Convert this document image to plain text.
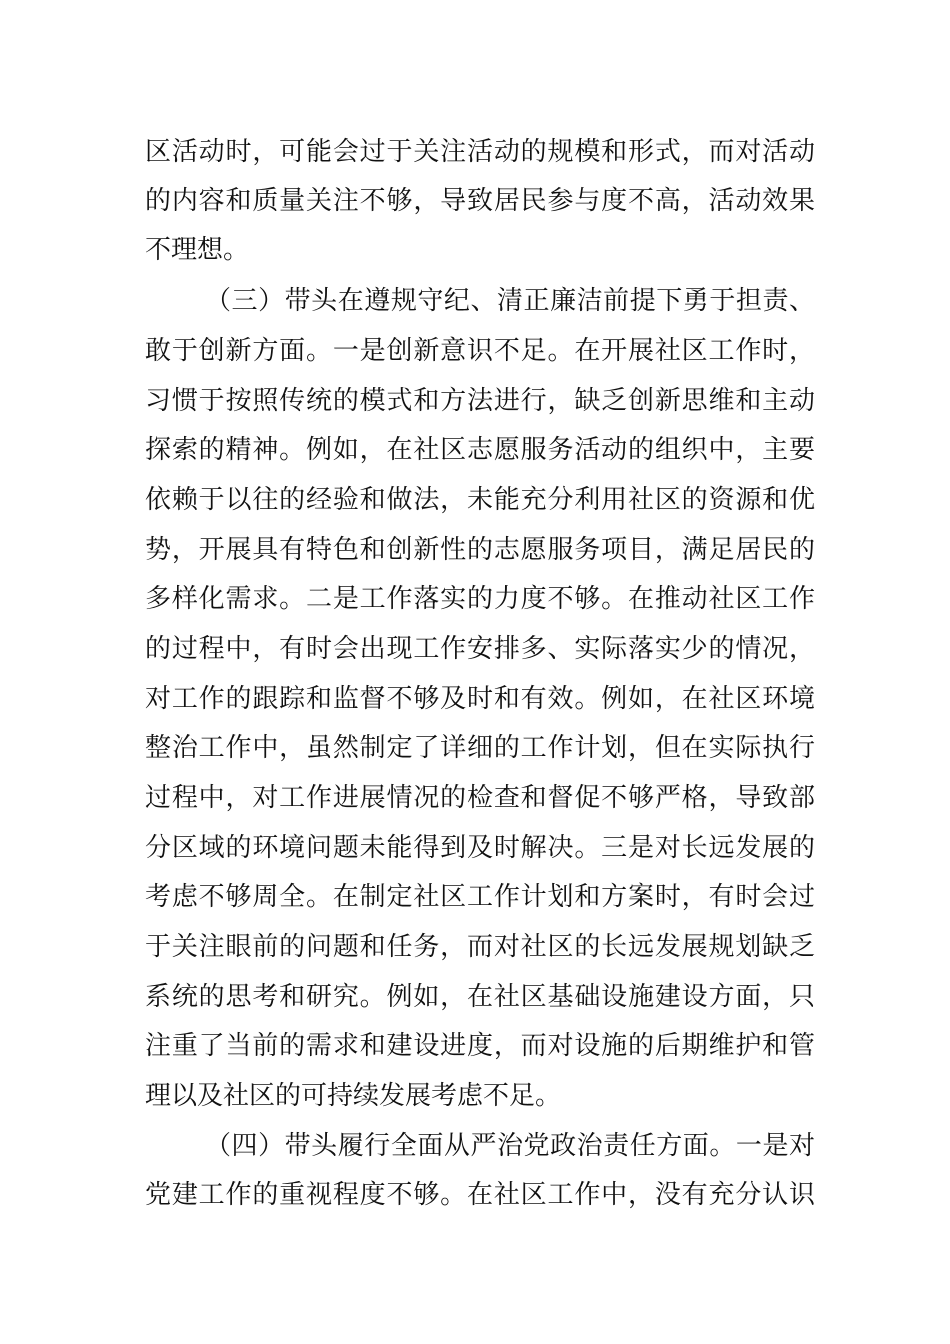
区活动时，可能会过于关注活动的规模和形式，而对活动
的内容和质量关注不够，导致居民参与度不高，活动效果
不理想。
（三）带头在遵规守纪、清正廉洁前提下勇于担责、
敢于创新方面。一是创新意识不足。在开展社区工作时，
习惯于按照传统的模式和方法进行，缺乏创新思维和主动
探索的精神。例如，在社区志愿服务活动的组织中，主要
依赖于以往的经验和做法，未能充分利用社区的资源和优
势，开展具有特色和创新性的志愿服务项目，满足居民的
多样化需求。二是工作落实的力度不够。在推动社区工作
的过程中，有时会出现工作安排多、实际落实少的情况，
对工作的跟踪和监督不够及时和有效。例如，在社区环境
整治工作中，虽然制定了详细的工作计划，但在实际执行
过程中，对工作进展情况的检查和督促不够严格，导致部
分区域的环境问题未能得到及时解决。三是对长远发展的
考虑不够周全。在制定社区工作计划和方案时，有时会过
于关注眼前的问题和任务，而对社区的长远发展规划缺乏
系统的思考和研究。例如，在社区基础设施建设方面，只
注重了当前的需求和建设进度，而对设施的后期维护和管
理以及社区的可持续发展考虑不足。
（四）带头履行全面从严治党政治责任方面。一是对
党建工作的重视程度不够。在社区工作中，没有充分认识
